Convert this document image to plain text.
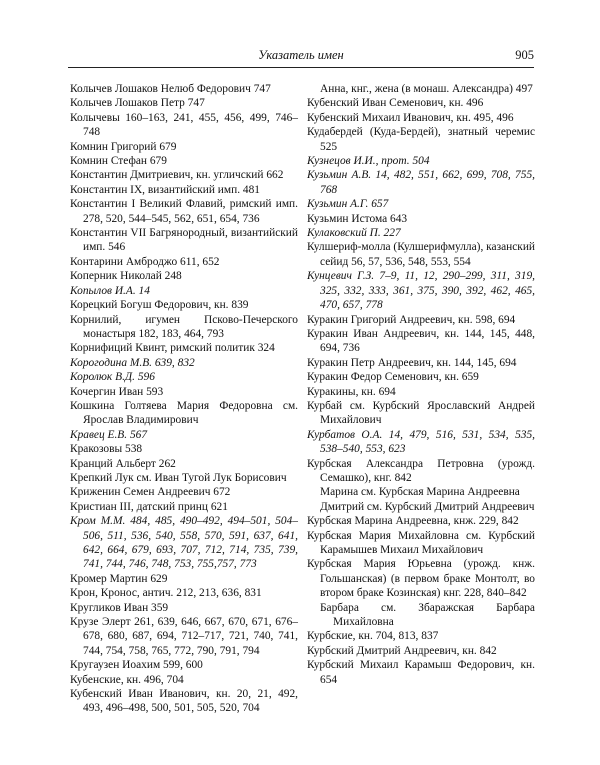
Указатель имен	905
Колычев Лошаков Нелюб Федорович 747
Колычев Лошаков Петр 747
Колычевы 160–163, 241, 455, 456, 499, 746–748
Комнин Григорий 679
Комнин Стефан 679
Константин Дмитриевич, кн. угличский 662
Константин IX, византийский имп. 481
Константин I Великий Флавий, римский имп. 278, 520, 544–545, 562, 651, 654, 736
Константин VII Багрянородный, византийский имп. 546
Контарини Амброджо 611, 652
Коперник Николай 248
Копылов И.А. 14
Корецкий Богуш Федорович, кн. 839
Корнилий, игумен Псково-Печерского монастыря 182, 183, 464, 793
Корнифиций Квинт, римский политик 324
Корогодина М.В. 639, 832
Королюк В.Д. 596
Кочергин Иван 593
Кошкина Голтяева Мария Федоровна см. Ярослав Владимирович
Кравец Е.В. 567
Кракозовы 538
Кранций Альберт 262
Крепкий Лук см. Иван Тугой Лук Борисович
Криженин Семен Андреевич 672
Кристиан III, датский принц 621
Кром М.М. 484, 485, 490–492, 494–501, 504–506, 511, 536, 540, 558, 570, 591, 637, 641, 642, 664, 679, 693, 707, 712, 714, 735, 739, 741, 744, 746, 748, 753, 755,757, 773
Кромер Мартин 629
Крон, Кронос, антич. 212, 213, 636, 831
Кругликов Иван 359
Крузе Элерт 261, 639, 646, 667, 670, 671, 676–678, 680, 687, 694, 712–717, 721, 740, 741, 744, 754, 758, 765, 772, 790, 791, 794
Кругаузен Иоахим 599, 600
Кубенские, кн. 496, 704
Кубенский Иван Иванович, кн. 20, 21, 492, 493, 496–498, 500, 501, 505, 520, 704
Анна, кнг., жена (в монаш. Александра) 497
Кубенский Иван Семенович, кн. 496
Кубенский Михаил Иванович, кн. 495, 496
Кудабердей (Куда-Бердей), знатный черемис 525
Кузнецов И.И., прот. 504
Кузьмин А.В. 14, 482, 551, 662, 699, 708, 755, 768
Кузьмин А.Г. 657
Кузьмин Истома 643
Кулаковский П. 227
Кулшериф-молла (Кулшерифмулла), казанский сейид 56, 57, 536, 548, 553, 554
Кунцевич Г.З. 7–9, 11, 12, 290–299, 311, 319, 325, 332, 333, 361, 375, 390, 392, 462, 465, 470, 657, 778
Куракин Григорий Андреевич, кн. 598, 694
Куракин Иван Андреевич, кн. 144, 145, 448, 694, 736
Куракин Петр Андреевич, кн. 144, 145, 694
Куракин Федор Семенович, кн. 659
Куракины, кн. 694
Курбай см. Курбский Ярославский Андрей Михайлович
Курбатов О.А. 14, 479, 516, 531, 534, 535, 538–540, 553, 623
Курбская Александра Петровна (урожд. Семашко), кнг. 842
Марина см. Курбская Марина Андреевна
Дмитрий см. Курбский Дмитрий Андреевич
Курбская Марина Андреевна, кнж. 229, 842
Курбская Мария Михайловна см. Курбский Карамышев Михаил Михайлович
Курбская Мария Юрьевна (урожд. кнж. Гольшанская) (в первом браке Монтолт, во втором браке Козинская) кнг. 228, 840–842
Барбара см. Збаражская Барбара Михайловна
Курбские, кн. 704, 813, 837
Курбский Дмитрий Андреевич, кн. 842
Курбский Михаил Карамыш Федорович, кн. 654
